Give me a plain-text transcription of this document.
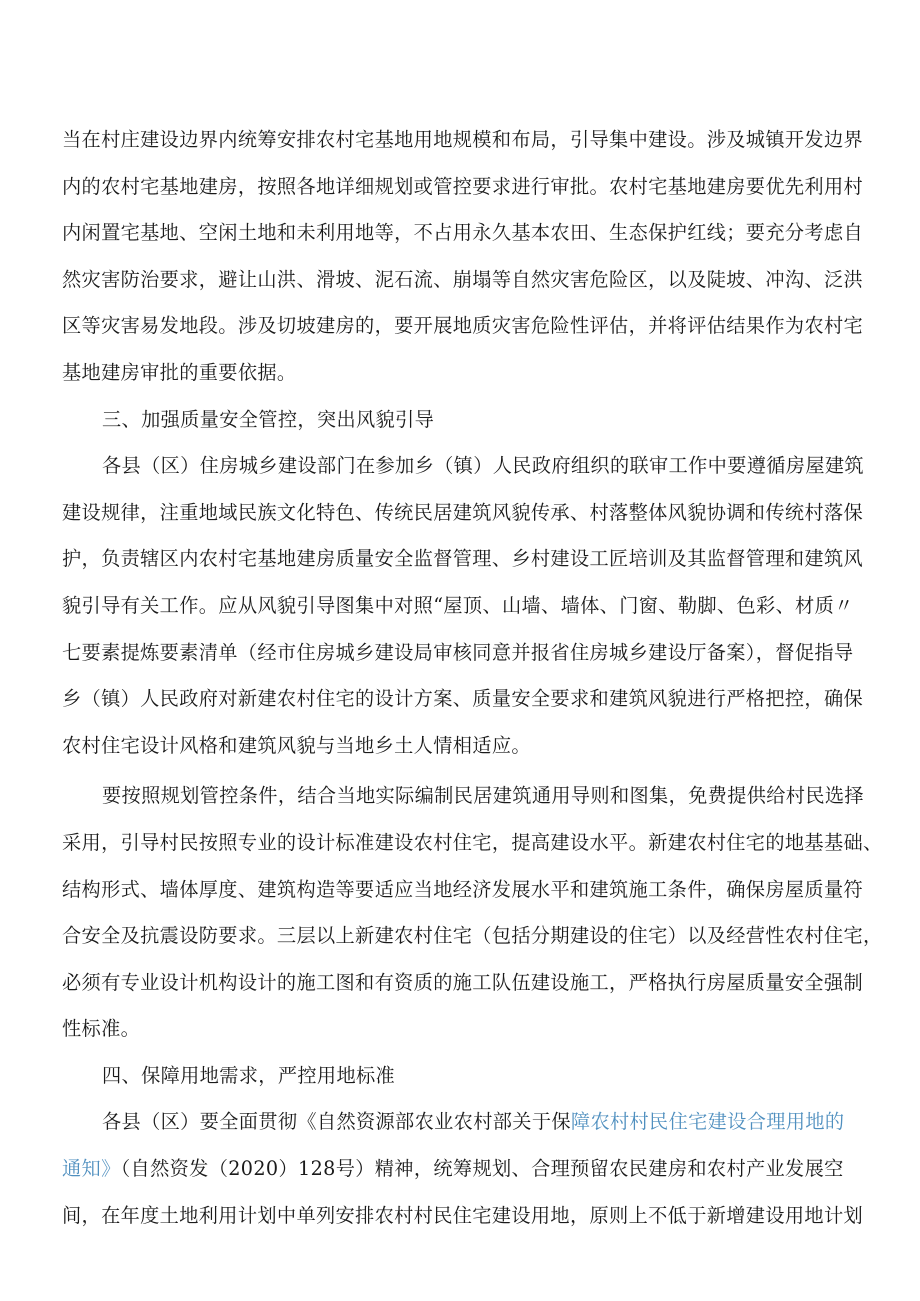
当在村庄建设边界内统筹安排农村宅基地用地规模和布局，引导集中建设。涉及城镇开发边界
内的农村宅基地建房，按照各地详细规划或管控要求进行审批。农村宅基地建房要优先利用村
内闲置宅基地、空闲土地和未利用地等，不占用永久基本农田、生态保护红线；要充分考虑自
然灾害防治要求，避让山洪、滑坡、泥石流、崩塌等自然灾害危险区，以及陡坡、冲沟、泛洪
区等灾害易发地段。涉及切坡建房的，要开展地质灾害危险性评估，并将评估结果作为农村宅
基地建房审批的重要依据。
三、加强质量安全管控，突出风貌引导
各县（区）住房城乡建设部门在参加乡（镇）人民政府组织的联审工作中要遵循房屋建筑
建设规律，注重地域民族文化特色、传统民居建筑风貌传承、村落整体风貌协调和传统村落保
护，负责辖区内农村宅基地建房质量安全监督管理、乡村建设工匠培训及其监督管理和建筑风
貌引导有关工作。应从风貌引导图集中对照“屋顶、山墙、墙体、门窗、勒脚、色彩、材质〃
七要素提炼要素清单（经市住房城乡建设局审核同意并报省住房城乡建设厅备案），督促指导
乡（镇）人民政府对新建农村住宅的设计方案、质量安全要求和建筑风貌进行严格把控，确保
农村住宅设计风格和建筑风貌与当地乡土人情相适应。
要按照规划管控条件，结合当地实际编制民居建筑通用导则和图集，免费提供给村民选择
采用，引导村民按照专业的设计标准建设农村住宅，提高建设水平。新建农村住宅的地基基础、
结构形式、墙体厚度、建筑构造等要适应当地经济发展水平和建筑施工条件，确保房屋质量符
合安全及抗震设防要求。三层以上新建农村住宅（包括分期建设的住宅）以及经营性农村住宅，
必须有专业设计机构设计的施工图和有资质的施工队伍建设施工，严格执行房屋质量安全强制
性标准。
四、保障用地需求，严控用地标准
各县（区）要全面贯彻《自然资源部农业农村部关于保障农村村民住宅建设合理用地的
通知》（自然资发（2020）128号）精神，统筹规划、合理预留农民建房和农村产业发展空
间，在年度土地利用计划中单列安排农村村民住宅建设用地，原则上不低于新增建设用地计划
